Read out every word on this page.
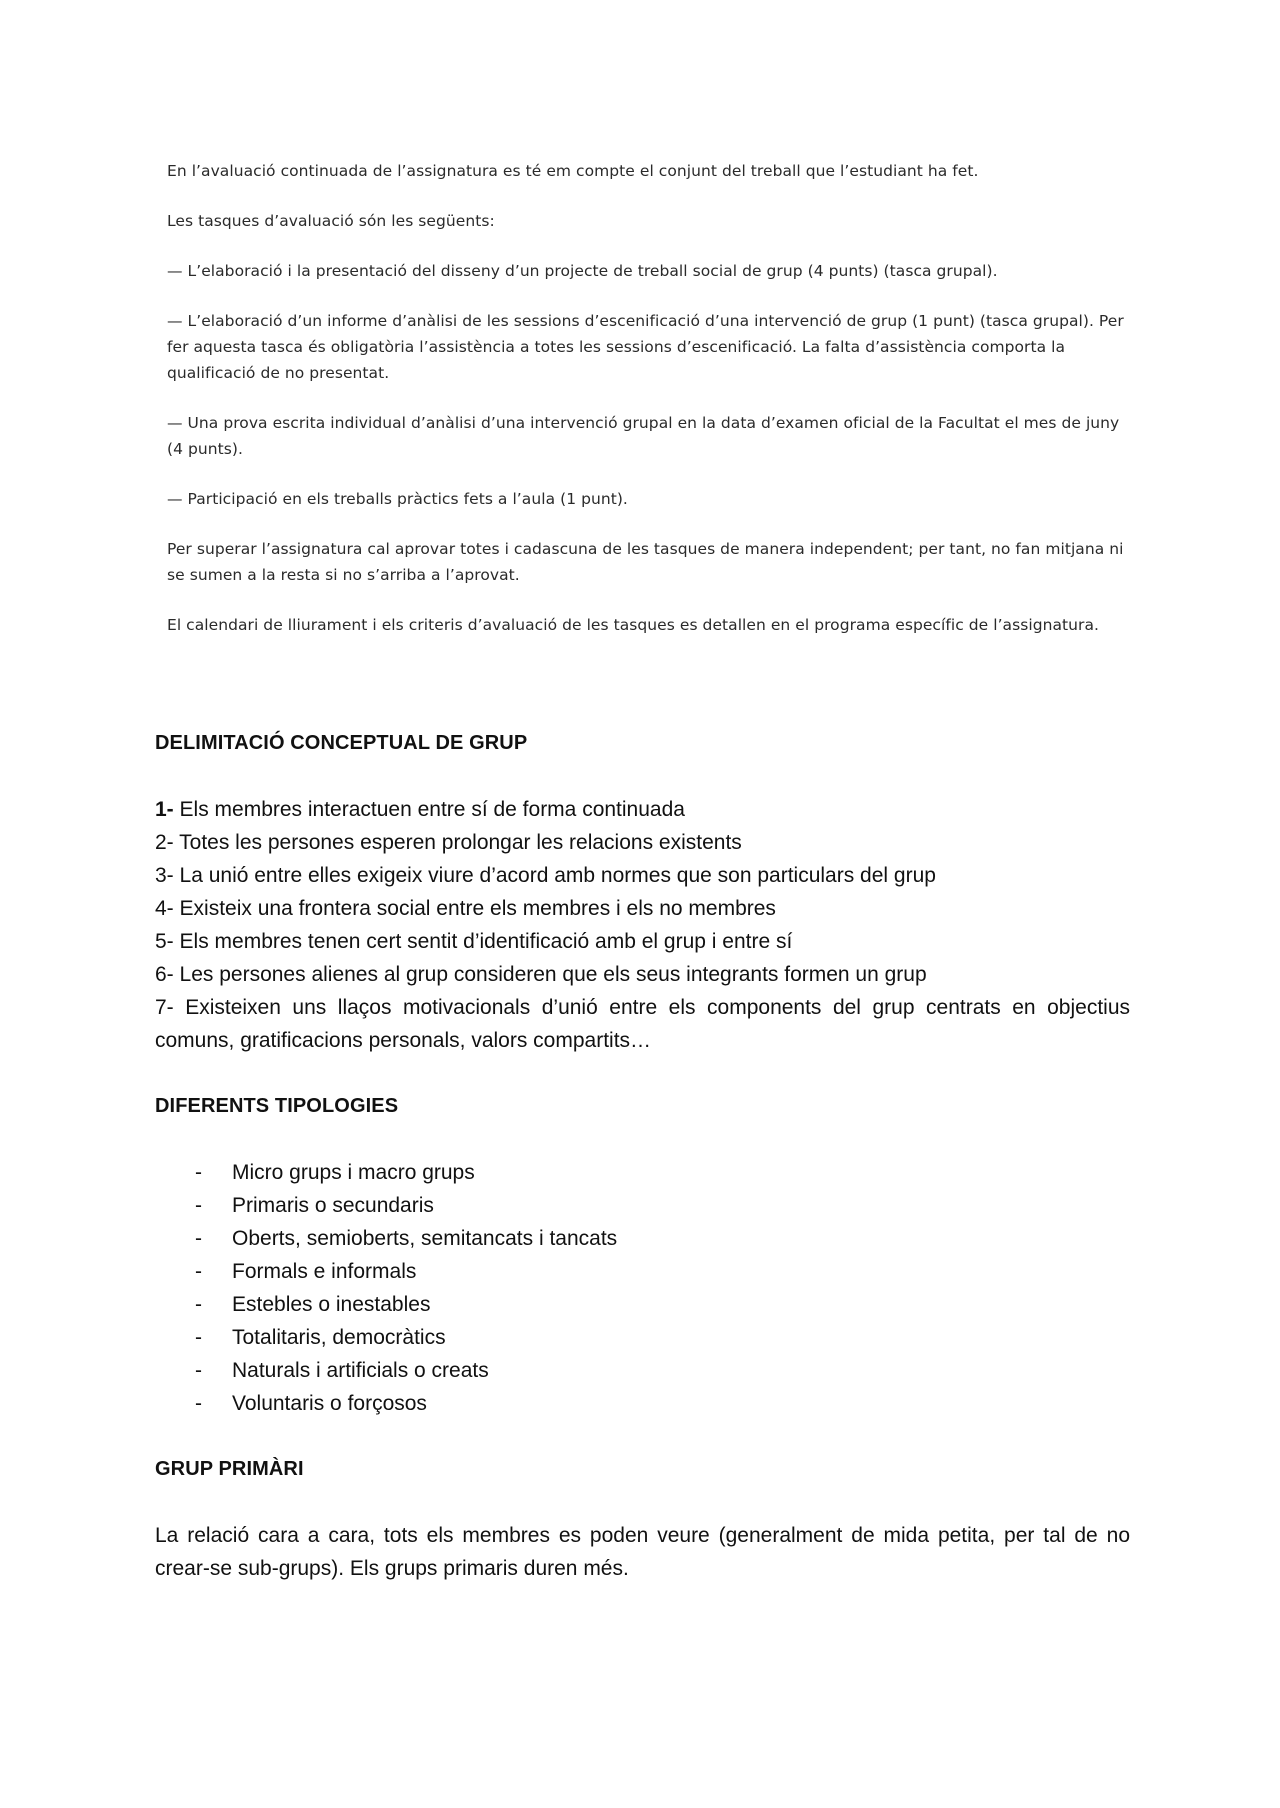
En l’avaluació continuada de l’assignatura es té em compte el conjunt del treball que l’estudiant ha fet.

Les tasques d’avaluació són les següents:

— L’elaboració i la presentació del disseny d’un projecte de treball social de grup (4 punts) (tasca grupal).

— L’elaboració d’un informe d’anàlisi de les sessions d’escenificació d’una intervenció de grup (1 punt) (tasca grupal). Per fer aquesta tasca és obligatòria l’assistència a totes les sessions d’escenificació. La falta d’assistència comporta la qualificació de no presentat.

— Una prova escrita individual d’anàlisi d’una intervenció grupal en la data d’examen oficial de la Facultat el mes de juny (4 punts).

— Participació en els treballs pràctics fets a l’aula (1 punt).

Per superar l’assignatura cal aprovar totes i cadascuna de les tasques de manera independent; per tant, no fan mitjana ni se sumen a la resta si no s’arriba a l’aprovat.

El calendari de lliurament i els criteris d’avaluació de les tasques es detallen en el programa específic de l’assignatura.

DELIMITACIÓ CONCEPTUAL DE GRUP
1- Els membres interactuen entre sí de forma continuada
2- Totes les persones esperen prolongar les relacions existents
3- La unió entre elles exigeix viure d’acord amb normes que son particulars del grup
4- Existeix una frontera social entre els membres i els no membres
5- Els membres tenen cert sentit d’identificació amb el grup i entre sí
6- Les persones alienes al grup consideren que els seus integrants formen un grup
7- Existeixen uns llaços motivacionals d’unió entre els components del grup centrats en objectius comuns, gratificacions personals, valors compartits…
DIFERENTS TIPOLOGIES
- Micro grups i macro grups
- Primaris o secundaris
- Oberts, semioberts, semitancats i tancats
- Formals e informals
- Estebles o inestables
- Totalitaris, democràtics
- Naturals i artificials o creats
- Voluntaris o forçosos
GRUP PRIMÀRI

La relació cara a cara, tots els membres es poden veure (generalment de mida petita, per tal de no crear-se sub-grups). Els grups primaris duren més.
